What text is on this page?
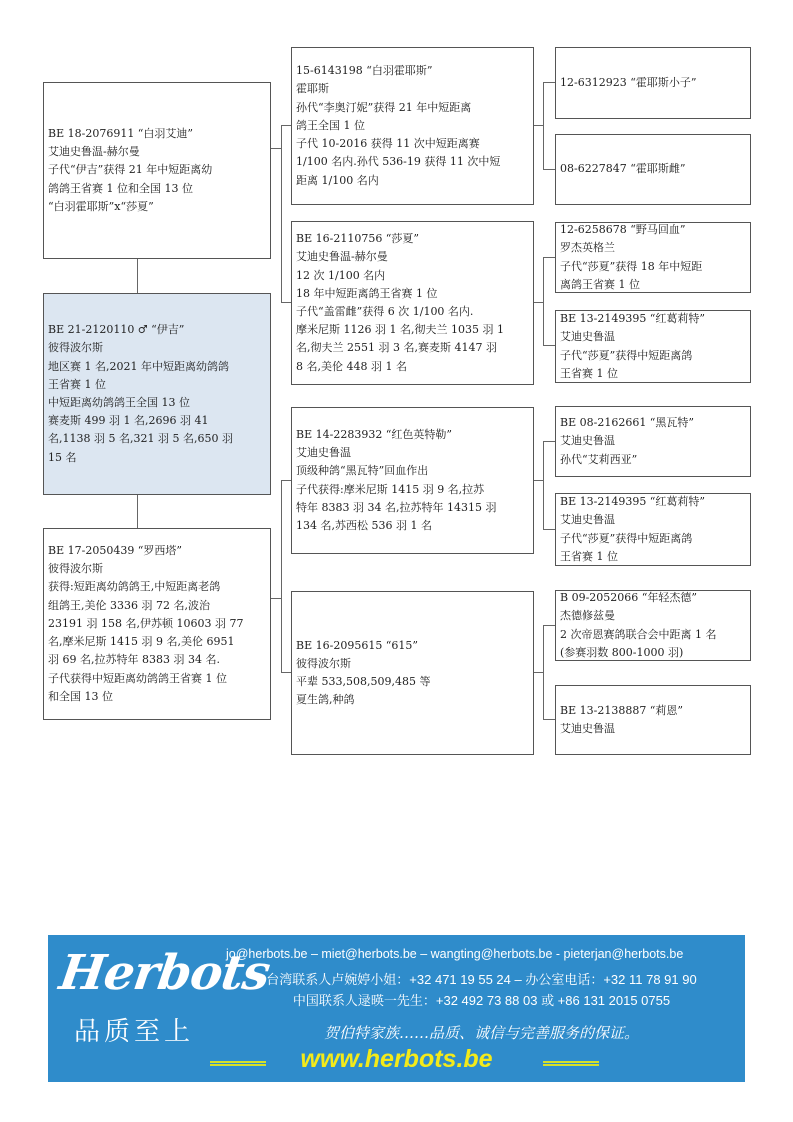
BE 18-2076911 “白羽艾迪”
艾迪史鲁温-赫尔曼
子代“伊吉”获得 21 年中短距离幼
鸽鸽王省赛 1 位和全国 13 位
“白羽霍耶斯”x“莎夏”
BE 21-2120110 ♂ “伊吉”
彼得波尔斯
地区赛 1 名,2021 年中短距离幼鸽鸽
王省赛 1 位
中短距离幼鸽鸽王全国 13 位
赛麦斯 499 羽 1 名,2696 羽 41
名,1138 羽 5 名,321 羽 5 名,650 羽
15 名
BE 17-2050439 “罗西塔”
彼得波尔斯
获得:短距离幼鸽鸽王,中短距离老鸽
组鸽王,美伦 3336 羽 72 名,波治
23191 羽 158 名,伊苏顿 10603 羽 77
名,摩米尼斯 1415 羽 9 名,美伦 6951
羽 69 名,拉苏特年 8383 羽 34 名.
子代获得中短距离幼鸽鸽王省赛 1 位
和全国 13 位
15-6143198 “白羽霍耶斯”
霍耶斯
孙代“李奥汀妮”获得 21 年中短距离
鸽王全国 1 位
子代 10-2016 获得 11 次中短距离赛
1/100 名内.孙代 536-19 获得 11 次中短
距离 1/100 名内
BE 16-2110756 “莎夏”
艾迪史鲁温-赫尔曼
12 次 1/100 名内
18 年中短距离鸽王省赛 1 位
子代“盖雷雌”获得 6 次 1/100 名内.
摩米尼斯 1126 羽 1 名,彻夫兰 1035 羽 1
名,彻夫兰 2551 羽 3 名,赛麦斯 4147 羽
8 名,美伦 448 羽 1 名
BE 14-2283932 “红色英特勒”
艾迪史鲁温
顶级种鸽“黑瓦特”回血作出
子代获得:摩米尼斯 1415 羽 9 名,拉苏
特年 8383 羽 34 名,拉苏特年 14315 羽
134 名,苏西松 536 羽 1 名
BE 16-2095615 “615”
彼得波尔斯
平辈 533,508,509,485 等
夏生鸽,种鸽
12-6312923 “霍耶斯小子”
08-6227847 “霍耶斯雌”
12-6258678 “野马回血”
罗杰英格兰
子代“莎夏”获得 18 年中短距
离鸽王省赛 1 位
BE 13-2149395 “红葛莉特”
艾迪史鲁温
子代“莎夏”获得中短距离鸽
王省赛 1 位
BE 08-2162661 “黑瓦特”
艾迪史鲁温
孙代“艾莉西亚”
BE 13-2149395 “红葛莉特”
艾迪史鲁温
子代“莎夏”获得中短距离鸽
王省赛 1 位
B 09-2052066 “年轻杰德”
杰德修兹曼
2 次帝恩赛鸽联合会中距离 1 名
(参赛羽数 800-1000 羽)
BE 13-2138887 “莉恩”
艾迪史鲁温
Herbots
品质至上
jo@herbots.be – miet@herbots.be – wangting@herbots.be - pieterjan@herbots.be
台湾联系人卢婉婷小姐：+32 471 19 55 24 – 办公室电话：+32 11 78 91 90
中国联系人逯暎一先生：+32 492 73 88 03 或 +86 131 2015 0755
贺伯特家族……品质、诚信与完善服务的保证。
www.herbots.be
